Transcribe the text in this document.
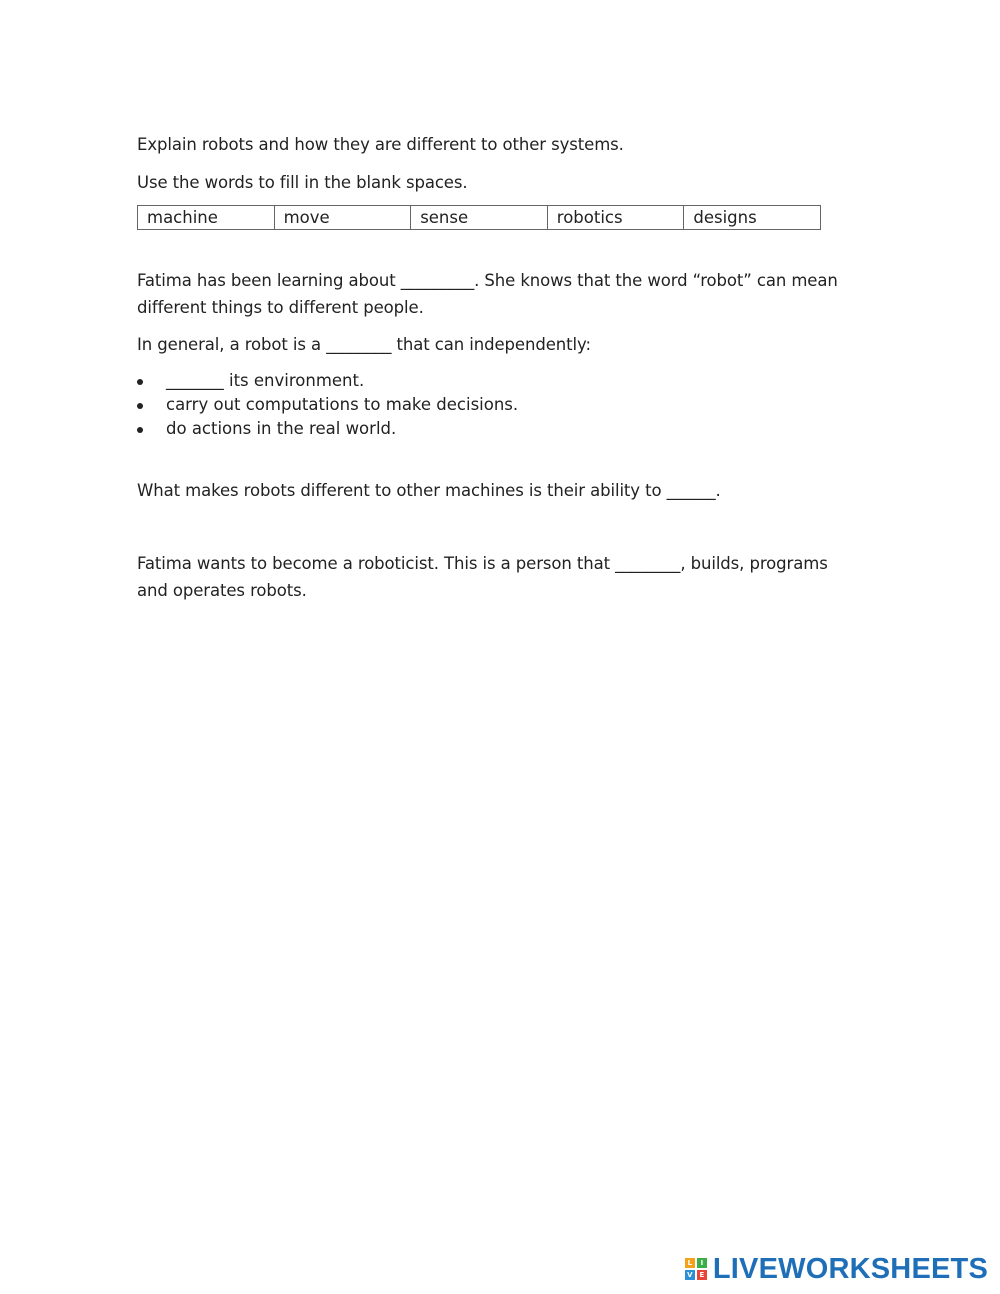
Explain robots and how they are different to other systems.
Use the words to fill in the blank spaces.
machine	move	sense	robotics	designs
Fatima has been learning about _________. She knows that the word “robot” can mean
different things to different people.
In general, a robot is a ________ that can independently:
_______ its environment.
carry out computations to make decisions.
do actions in the real world.
What makes robots different to other machines is their ability to ______.
Fatima wants to become a roboticist. This is a person that ________, builds, programs
and operates robots.
L	I
V E LIVEWORKSHEETS
